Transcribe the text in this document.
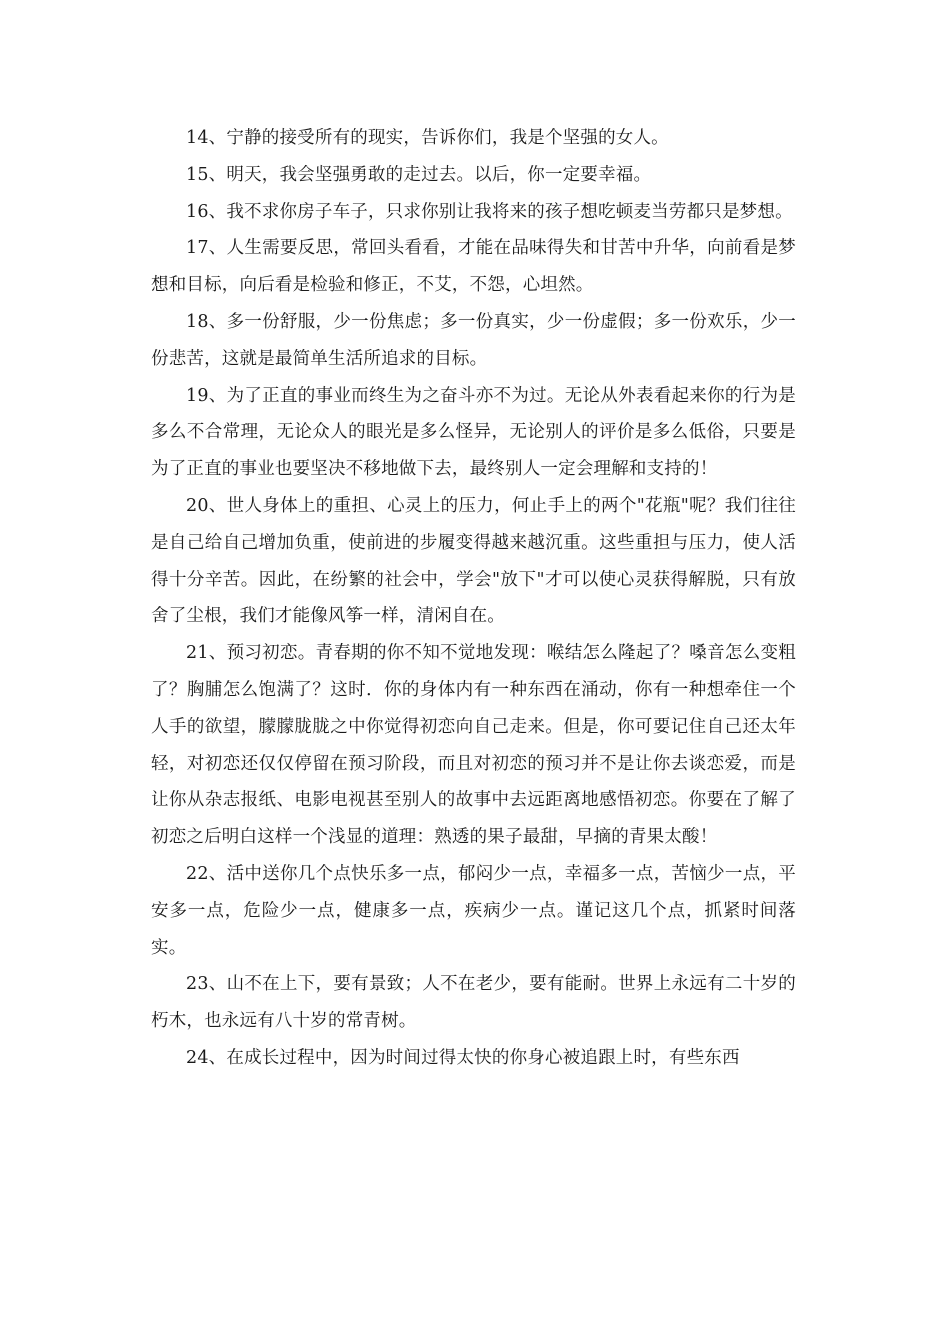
14、宁静的接受所有的现实，告诉你们，我是个坚强的女人。

15、明天，我会坚强勇敢的走过去。以后，你一定要幸福。

16、我不求你房子车子，只求你别让我将来的孩子想吃顿麦当劳都只是梦想。

17、人生需要反思，常回头看看，才能在品味得失和甘苦中升华，向前看是梦想和目标，向后看是检验和修正，不艾，不怨，心坦然。

18、多一份舒服，少一份焦虑；多一份真实，少一份虚假；多一份欢乐，少一份悲苦，这就是最简单生活所追求的目标。

19、为了正直的事业而终生为之奋斗亦不为过。无论从外表看起来你的行为是多么不合常理，无论众人的眼光是多么怪异，无论别人的评价是多么低俗，只要是为了正直的事业也要坚决不移地做下去，最终别人一定会理解和支持的！

20、世人身体上的重担、心灵上的压力，何止手上的两个"花瓶"呢？我们往往是自己给自己增加负重，使前进的步履变得越来越沉重。这些重担与压力，使人活得十分辛苦。因此，在纷繁的社会中，学会"放下"才可以使心灵获得解脱，只有放舍了尘根，我们才能像风筝一样，清闲自在。

21、预习初恋。青春期的你不知不觉地发现：喉结怎么隆起了？嗓音怎么变粗了？胸脯怎么饱满了？这时．你的身体内有一种东西在涌动，你有一种想牵住一个人手的欲望，朦朦胧胧之中你觉得初恋向自己走来。但是，你可要记住自己还太年轻，对初恋还仅仅停留在预习阶段，而且对初恋的预习并不是让你去谈恋爱，而是让你从杂志报纸、电影电视甚至别人的故事中去远距离地感悟初恋。你要在了解了初恋之后明白这样一个浅显的道理：熟透的果子最甜，早摘的青果太酸！

22、活中送你几个点快乐多一点，郁闷少一点，幸福多一点，苦恼少一点，平安多一点，危险少一点，健康多一点，疾病少一点。谨记这几个点，抓紧时间落实。

23、山不在上下，要有景致；人不在老少，要有能耐。世界上永远有二十岁的朽木，也永远有八十岁的常青树。

24、在成长过程中，因为时间过得太快的你身心被追跟上时，有些东西
